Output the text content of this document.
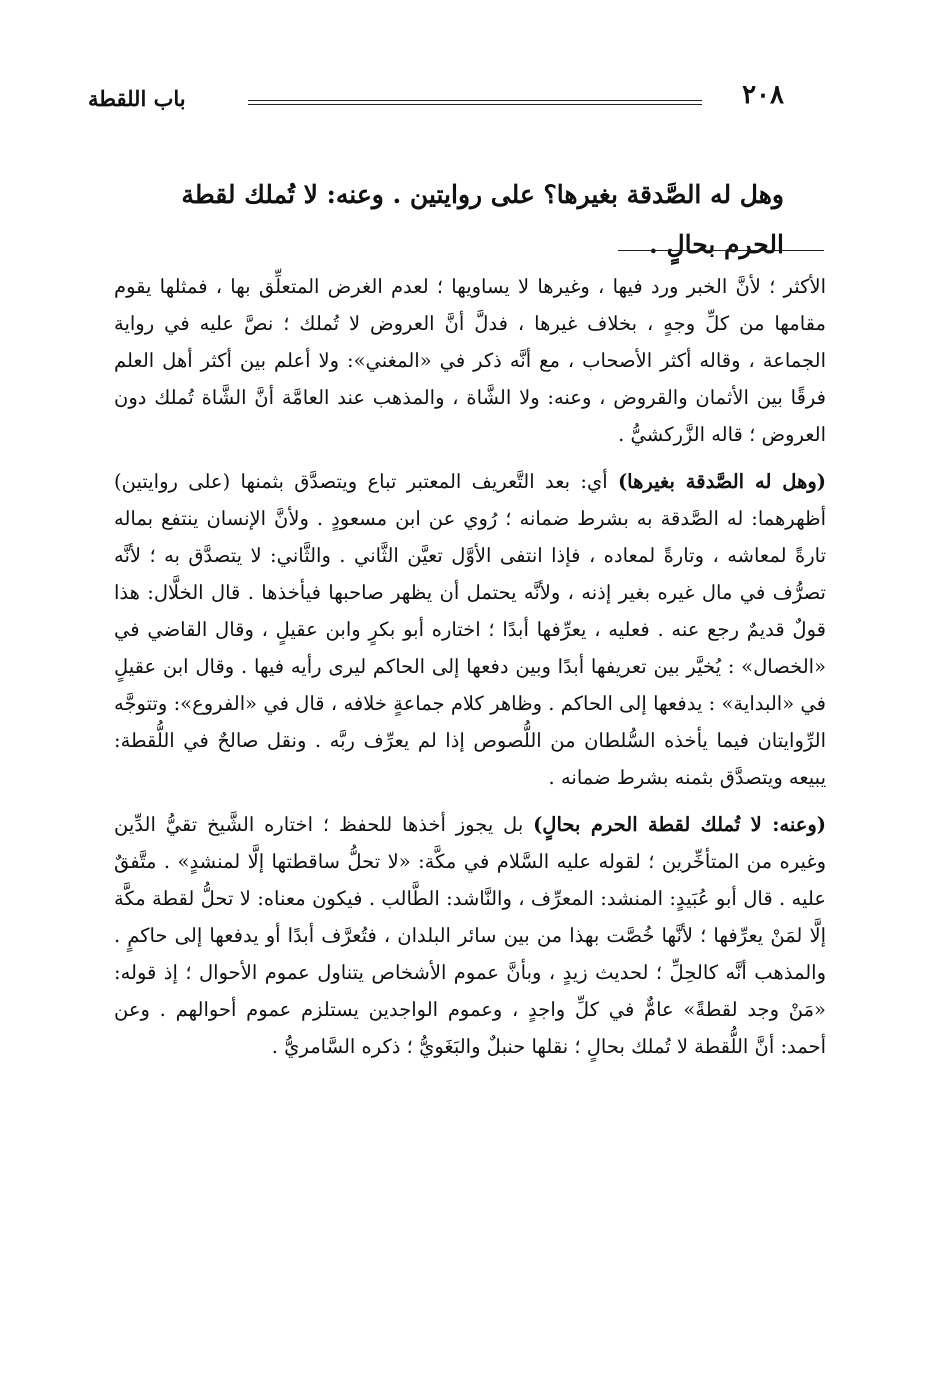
٢٠٨
باب اللقطة
وهل له الصَّدقة بغيرها؟ على روايتين . وعنه: لا تُملك لقطة الحرم بحالٍ .

الأكثر ؛ لأنَّ الخبر ورد فيها ، وغيرها لا يساويها ؛ لعدم الغرض المتعلِّق بها ، فمثلها يقوم مقامها من كلِّ وجهٍ ، بخلاف غيرها ، فدلَّ أنَّ العروض لا تُملك ؛ نصَّ عليه في رواية الجماعة ، وقاله أكثر الأصحاب ، مع أنَّه ذكر في «المغني»: ولا أعلم بين أكثر أهل العلم فرقًا بين الأثمان والقروض ، وعنه: ولا الشَّاة ، والمذهب عند العامَّة أنَّ الشَّاة تُملك دون العروض ؛ قاله الزَّركشيُّ .

(وهل له الصَّدقة بغيرها) أي: بعد التَّعريف المعتبر تباع ويتصدَّق بثمنها (على روايتين) أظهرهما: له الصَّدقة به بشرط ضمانه ؛ رُوي عن ابن مسعودٍ . ولأنَّ الإنسان ينتفع بماله تارةً لمعاشه ، وتارةً لمعاده ، فإذا انتفى الأوَّل تعيَّن الثَّاني . والثَّاني: لا يتصدَّق به ؛ لأنَّه تصرُّف في مال غيره بغير إذنه ، ولأنَّه يحتمل أن يظهر صاحبها فيأخذها . قال الخلَّال: هذا قولٌ قديمٌ رجع عنه . فعليه ، يعرِّفها أبدًا ؛ اختاره أبو بكرٍ وابن عقيلٍ ، وقال القاضي في «الخصال» : يُخيَّر بين تعريفها أبدًا وبين دفعها إلى الحاكم ليرى رأيه فيها . وقال ابن عقيلٍ في «البداية» : يدفعها إلى الحاكم . وظاهر كلام جماعةٍ خلافه ، قال في «الفروع»: وتتوجَّه الرِّوايتان فيما يأخذه السُّلطان من اللُّصوص إذا لم يعرِّف ربَّه . ونقل صالحٌ في اللُّقطة: يبيعه ويتصدَّق بثمنه بشرط ضمانه .

(وعنه: لا تُملك لقطة الحرم بحالٍ) بل يجوز أخذها للحفظ ؛ اختاره الشَّيخ تقيُّ الدِّين وغيره من المتأخِّرين ؛ لقوله عليه السَّلام في مكَّة: «لا تحلُّ ساقطتها إلَّا لمنشدٍ» . متَّفقٌ عليه . قال أبو عُبَيدٍ: المنشد: المعرِّف ، والنَّاشد: الطَّالب . فيكون معناه: لا تحلُّ لقطة مكَّة إلَّا لمَنْ يعرِّفها ؛ لأنَّها خُصَّت بهذا من بين سائر البلدان ، فتُعرَّف أبدًا أو يدفعها إلى حاكمٍ . والمذهب أنَّه كالحِلِّ ؛ لحديث زيدٍ ، وبأنَّ عموم الأشخاص يتناول عموم الأحوال ؛ إذ قوله: «مَنْ وجد لقطةً» عامٌّ في كلِّ واجدٍ ، وعموم الواجدين يستلزم عموم أحوالهم . وعن أحمد: أنَّ اللُّقطة لا تُملك بحالٍ ؛ نقلها حنبلٌ والبَغَويُّ ؛ ذكره السَّامريُّ .
